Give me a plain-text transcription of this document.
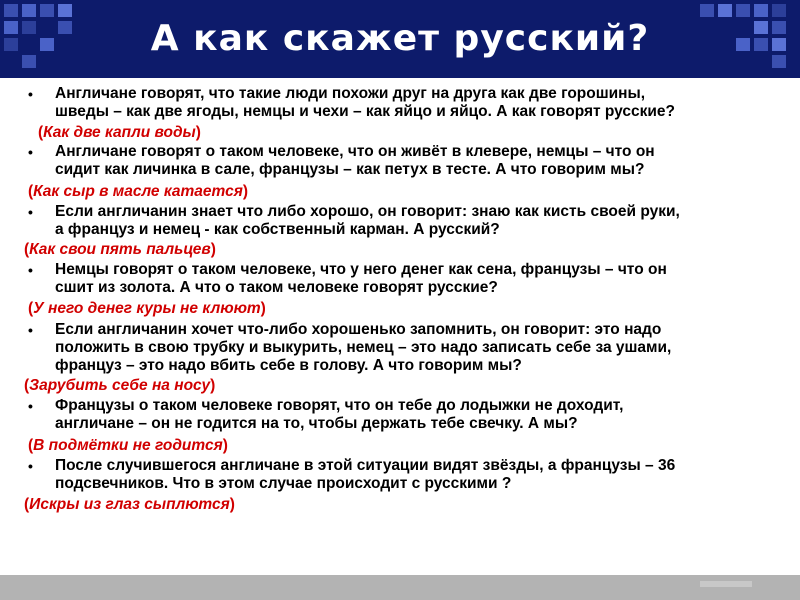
А как скажет русский?
• Англичане говорят, что такие люди похожи друг на друга как две горошины,
шведы – как две ягоды, немцы и чехи – как яйцо и яйцо. А как говорят русские?
(Как две капли воды)
• Англичане говорят о таком человеке, что он живёт в клевере, немцы – что он
сидит как личинка в сале, французы – как петух в тесте. А что говорим мы?
(Как сыр в масле катается)
• Если англичанин знает что либо хорошо, он говорит: знаю как кисть своей руки,
а француз и немец - как собственный карман. А русский?
(Как свои пять пальцев)
• Немцы говорят о таком человеке, что у него денег как сена, французы – что он
сшит из золота. А что о таком человеке говорят русские?
(У него денег куры не клюют)
• Если англичанин хочет что-либо хорошенько запомнить, он говорит: это надо
положить в свою трубку и выкурить, немец – это надо записать себе за ушами,
француз – это надо вбить себе в голову. А что говорим мы?
(Зарубить себе на носу)
• Французы о таком человеке говорят, что он тебе до лодыжки не доходит,
англичане – он не годится на то, чтобы держать тебе свечку. А мы?
(В подмётки не годится)
• После случившегося англичане в этой ситуации видят звёзды, а французы – 36
подсвечников. Что в этом случае происходит с русскими ?
(Искры из глаз сыплются)
